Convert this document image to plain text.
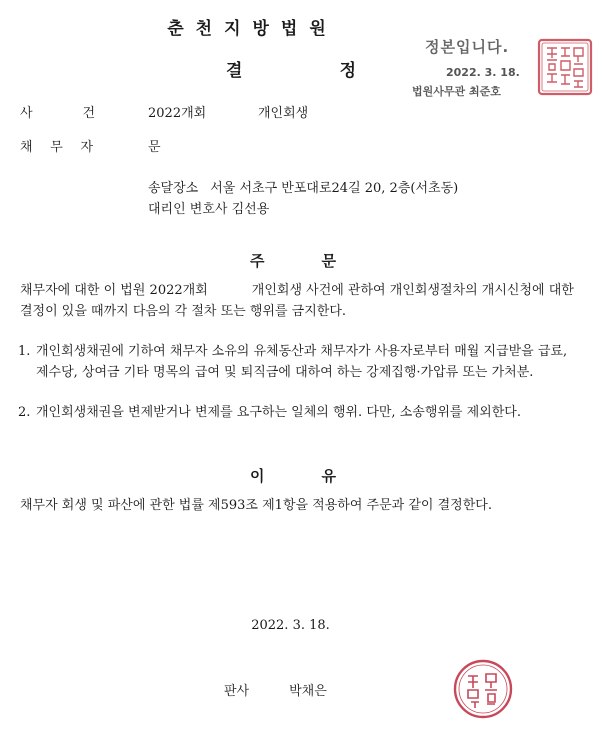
춘천지방법원
결	정
정본입니다.
2022. 3. 18.
법원사무관 최준호
사	건	2022개회	개인회생
채 무 자	문
송달장소 서울 서초구 반포대로24길 20, 2층(서초동)
대리인 변호사 김선용
주	문
채무자에 대한 이 법원 2022개회	개인회생 사건에 관하여 개인회생절차의 개시신청에 대한 결정이 있을 때까지 다음의 각 절차 또는 행위를 금지한다.
1. 개인회생채권에 기하여 채무자 소유의 유체동산과 채무자가 사용자로부터 매월 지급받을 급료, 제수당, 상여금 기타 명목의 급여 및 퇴직금에 대하여 하는 강제집행·가압류 또는 가처분.
2. 개인회생채권을 변제받거나 변제를 요구하는 일체의 행위. 다만, 소송행위를 제외한다.
이	유
채무자 회생 및 파산에 관한 법률 제593조 제1항을 적용하여 주문과 같이 결정한다.
2022. 3. 18.
판사	박채은
